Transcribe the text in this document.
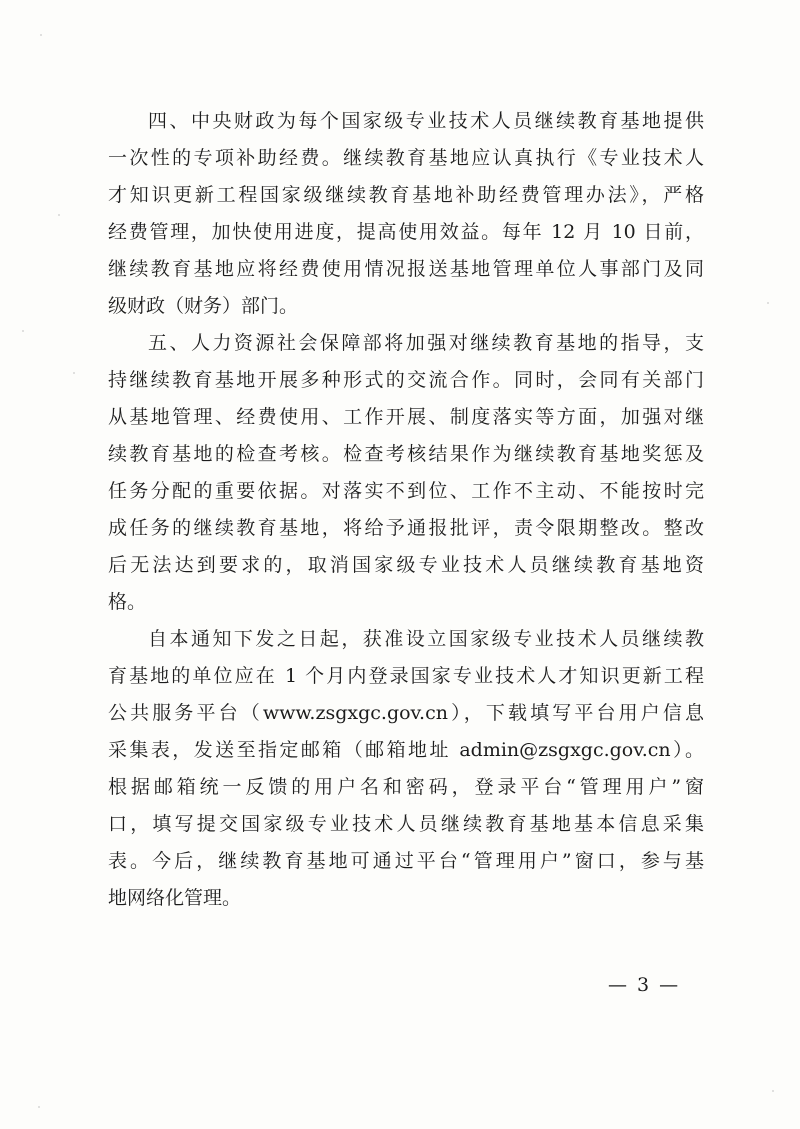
四、中央财政为每个国家级专业技术人员继续教育基地提供
一次性的专项补助经费。继续教育基地应认真执行《专业技术人
才知识更新工程国家级继续教育基地补助经费管理办法》，严格
经费管理，加快使用进度，提高使用效益。每年 12 月 10 日前，
继续教育基地应将经费使用情况报送基地管理单位人事部门及同
级财政（财务）部门。
五、人力资源社会保障部将加强对继续教育基地的指导，支
持继续教育基地开展多种形式的交流合作。同时，会同有关部门
从基地管理、经费使用、工作开展、制度落实等方面，加强对继
续教育基地的检查考核。检查考核结果作为继续教育基地奖惩及
任务分配的重要依据。对落实不到位、工作不主动、不能按时完
成任务的继续教育基地，将给予通报批评，责令限期整改。整改
后无法达到要求的，取消国家级专业技术人员继续教育基地资
格。
自本通知下发之日起，获准设立国家级专业技术人员继续教
育基地的单位应在 1 个月内登录国家专业技术人才知识更新工程
公共服务平台（www.zsgxgc.gov.cn），下载填写平台用户信息
采集表，发送至指定邮箱（邮箱地址 admin@zsgxgc.gov.cn）。
根据邮箱统一反馈的用户名和密码，登录平台“管理用户”窗
口，填写提交国家级专业技术人员继续教育基地基本信息采集
表。今后，继续教育基地可通过平台“管理用户”窗口，参与基
地网络化管理。
— 3 —
